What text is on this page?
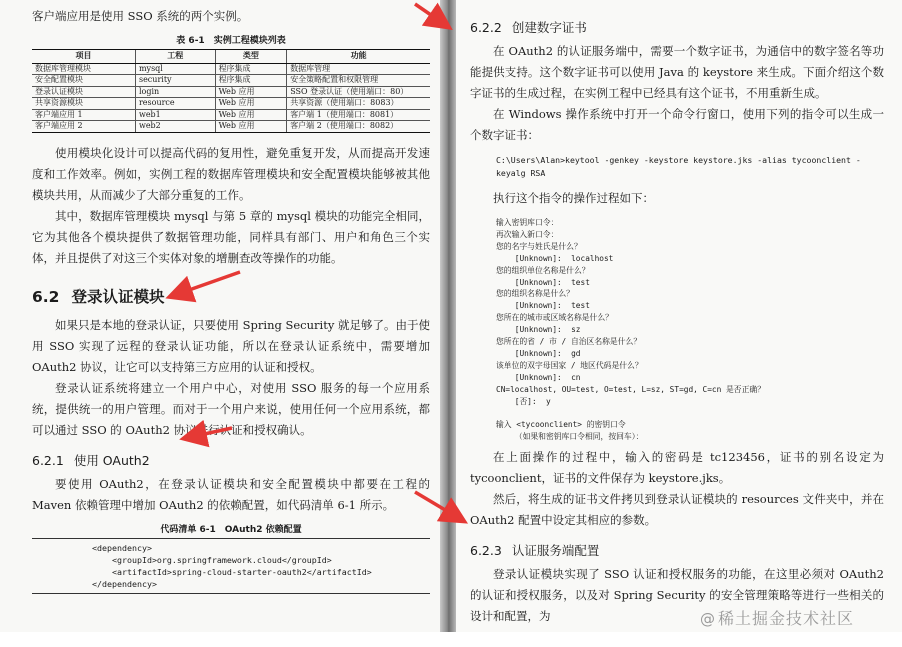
客户端应用是使用 SSO 系统的两个实例。

表 6-1　实例工程模块列表
项目	工程	类型	功能
数据库管理模块	mysql	程序集成	数据库管理
安全配置模块	security	程序集成	安全策略配置和权限管理
登录认证模块	login	Web 应用	SSO 登录认证（使用端口：80）
共享资源模块	resource	Web 应用	共享资源（使用端口：8083）
客户端应用 1	web1	Web 应用	客户端 1（使用端口：8081）
客户端应用 2	web2	Web 应用	客户端 2（使用端口：8082）

使用模块化设计可以提高代码的复用性，避免重复开发，从而提高开发速度和工作效率。例如，实例工程的数据库管理模块和安全配置模块能够被其他模块共用，从而减少了大部分重复的工作。

其中，数据库管理模块 mysql 与第 5 章的 mysql 模块的功能完全相同，它为其他各个模块提供了数据管理功能，同样具有部门、用户和角色三个实体，并且提供了对这三个实体对象的增删查改等操作的功能。

6.2 登录认证模块

如果只是本地的登录认证，只要使用 Spring Security 就足够了。由于使用 SSO 实现了远程的登录认证功能，所以在登录认证系统中，需要增加 OAuth2 协议，让它可以支持第三方应用的认证和授权。

登录认证系统将建立一个用户中心，对使用 SSO 服务的每一个应用系统，提供统一的用户管理。而对于一个用户来说，使用任何一个应用系统，都可以通过 SSO 的 OAuth2 协议进行认证和授权确认。

6.2.1 使用 OAuth2

要使用 OAuth2，在登录认证模块和安全配置模块中都要在工程的 Maven 依赖管理中增加 OAuth2 的依赖配置，如代码清单 6-1 所示。

代码清单 6-1　OAuth2 依赖配置
<dependency>
<groupId>org.springframework.cloud</groupId>
<artifactId>spring-cloud-starter-oauth2</artifactId>
</dependency>
6.2.2 创建数字证书

在 OAuth2 的认证服务端中，需要一个数字证书，为通信中的数字签名等功能提供支持。这个数字证书可以使用 Java 的 keystore 来生成。下面介绍这个数字证书的生成过程，在实例工程中已经具有这个证书，不用重新生成。

在 Windows 操作系统中打开一个命令行窗口，使用下列的指令可以生成一个数字证书：

C:\Users\Alan>keytool -genkey -keystore keystore.jks -alias tycoonclient -keyalg RSA

执行这个指令的操作过程如下：

输入密钥库口令：
再次输入新口令：
您的名字与姓氏是什么？
[Unknown]:  localhost
您的组织单位名称是什么？
[Unknown]:  test
您的组织名称是什么？
[Unknown]:  test
您所在的城市或区域名称是什么？
[Unknown]:  sz
您所在的省 / 市 / 自治区名称是什么？
[Unknown]:  gd
该单位的双字母国家 / 地区代码是什么？
[Unknown]:  cn
CN=localhost, OU=test, O=test, L=sz, ST=gd, C=cn 是否正确？
[否]:  y

输入 <tycoonclient> 的密钥口令
（如果和密钥库口令相同，按回车）：

在上面操作的过程中，输入的密码是 tc123456，证书的别名设定为 tycoonclient，证书的文件保存为 keystore.jks。

然后，将生成的证书文件拷贝到登录认证模块的 resources 文件夹中，并在 OAuth2 配置中设定其相应的参数。

6.2.3 认证服务端配置

登录认证模块实现了 SSO 认证和授权服务的功能，在这里必须对 OAuth2 的认证和授权服务，以及对 Spring Security 的安全管理策略等进行一些相关的设计和配置，为	@ 稀土掘金技术社区
